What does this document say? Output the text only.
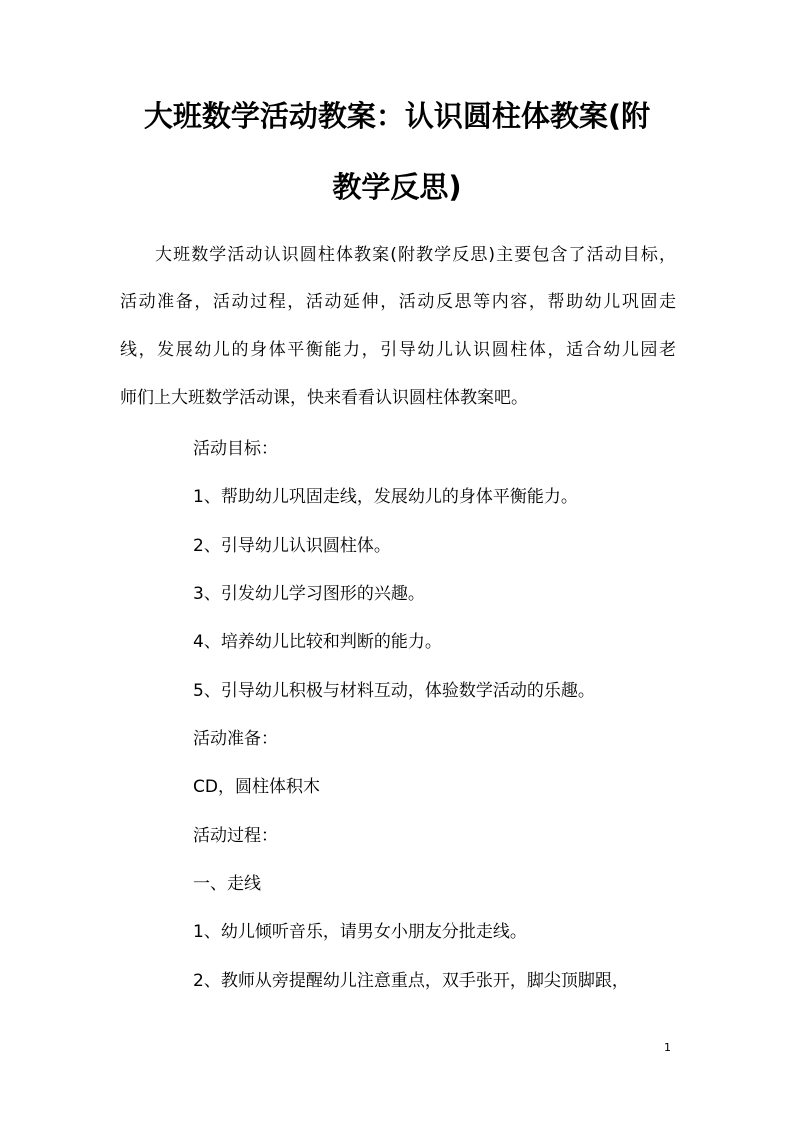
大班数学活动教案：认识圆柱体教案(附
教学反思)
大班数学活动认识圆柱体教案(附教学反思)主要包含了活动目标，
活动准备，活动过程，活动延伸，活动反思等内容，帮助幼儿巩固走
线，发展幼儿的身体平衡能力，引导幼儿认识圆柱体，适合幼儿园老
师们上大班数学活动课，快来看看认识圆柱体教案吧。
活动目标：
1、帮助幼儿巩固走线，发展幼儿的身体平衡能力。
2、引导幼儿认识圆柱体。
3、引发幼儿学习图形的兴趣。
4、培养幼儿比较和判断的能力。
5、引导幼儿积极与材料互动，体验数学活动的乐趣。
活动准备：
CD，圆柱体积木
活动过程：
一、走线
1、幼儿倾听音乐，请男女小朋友分批走线。
2、教师从旁提醒幼儿注意重点，双手张开，脚尖顶脚跟，
1
